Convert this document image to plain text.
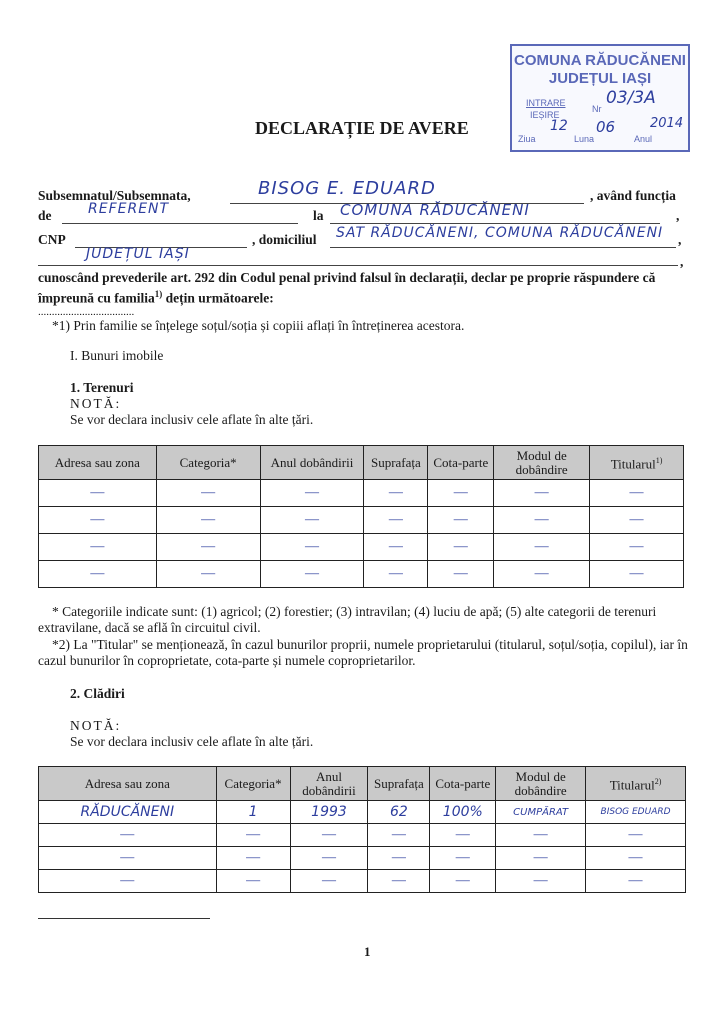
COMUNA RĂDUCĂNENI
JUDEȚUL IAȘI
INTRARE
IEȘIRE
Nr
03/3A
Ziua
12
Luna
06
Anul
2014
DECLARAȚIE DE AVERE
Subsemnatul/Subsemnata,	BISOG E. EDUARD	, având funcția
de	REFERENT	la COMUNA RĂDUCĂNENI	,
CNP	, domiciliul SAT RĂDUCĂNENI, COMUNA RĂDUCĂNENI ,
JUDEȚUL IAȘI	,
cunoscând prevederile art. 292 din Codul penal privind falsul în declarații, declar pe proprie răspundere că împreună cu familia$^{1)}$ dețin următoarele:
...................................
*1) Prin familie se înțelege soțul/soția și copiii aflați în întreținerea acestora.
I. Bunuri imobile
1. Terenuri
NOTĂ:
Se vor declara inclusiv cele aflate în alte țări.
Adresa sau zona	Categoria*	Anul dobândirii	Suprafața	Cota-parte	Modul de dobândire	Titularul$^{1)}$
—	—	—	—	—	—	—
—	—	—	—	—	—	—
—	—	—	—	—	—	—
—	—	—	—	—	—	—
* Categoriile indicate sunt: (1) agricol; (2) forestier; (3) intravilan; (4) luciu de apă; (5) alte categorii de terenuri extravilane, dacă se află în circuitul civil.
*2) La "Titular" se menționează, în cazul bunurilor proprii, numele proprietarului (titularul, soțul/soția, copilul), iar în cazul bunurilor în coproprietate, cota-parte și numele coproprietarilor.
2. Clădiri
NOTĂ:
Se vor declara inclusiv cele aflate în alte țări.
Adresa sau zona	Categoria*	Anul dobândirii	Suprafața	Cota-parte	Modul de dobândire	Titularul$^{2)}$
RĂDUCĂNENI	1	1993	62	100%	CUMPĂRAT	BISOG EDUARD
—	—	—	—	—	—	—
—	—	—	—	—	—	—
—	—	—	—	—	—	—
1
